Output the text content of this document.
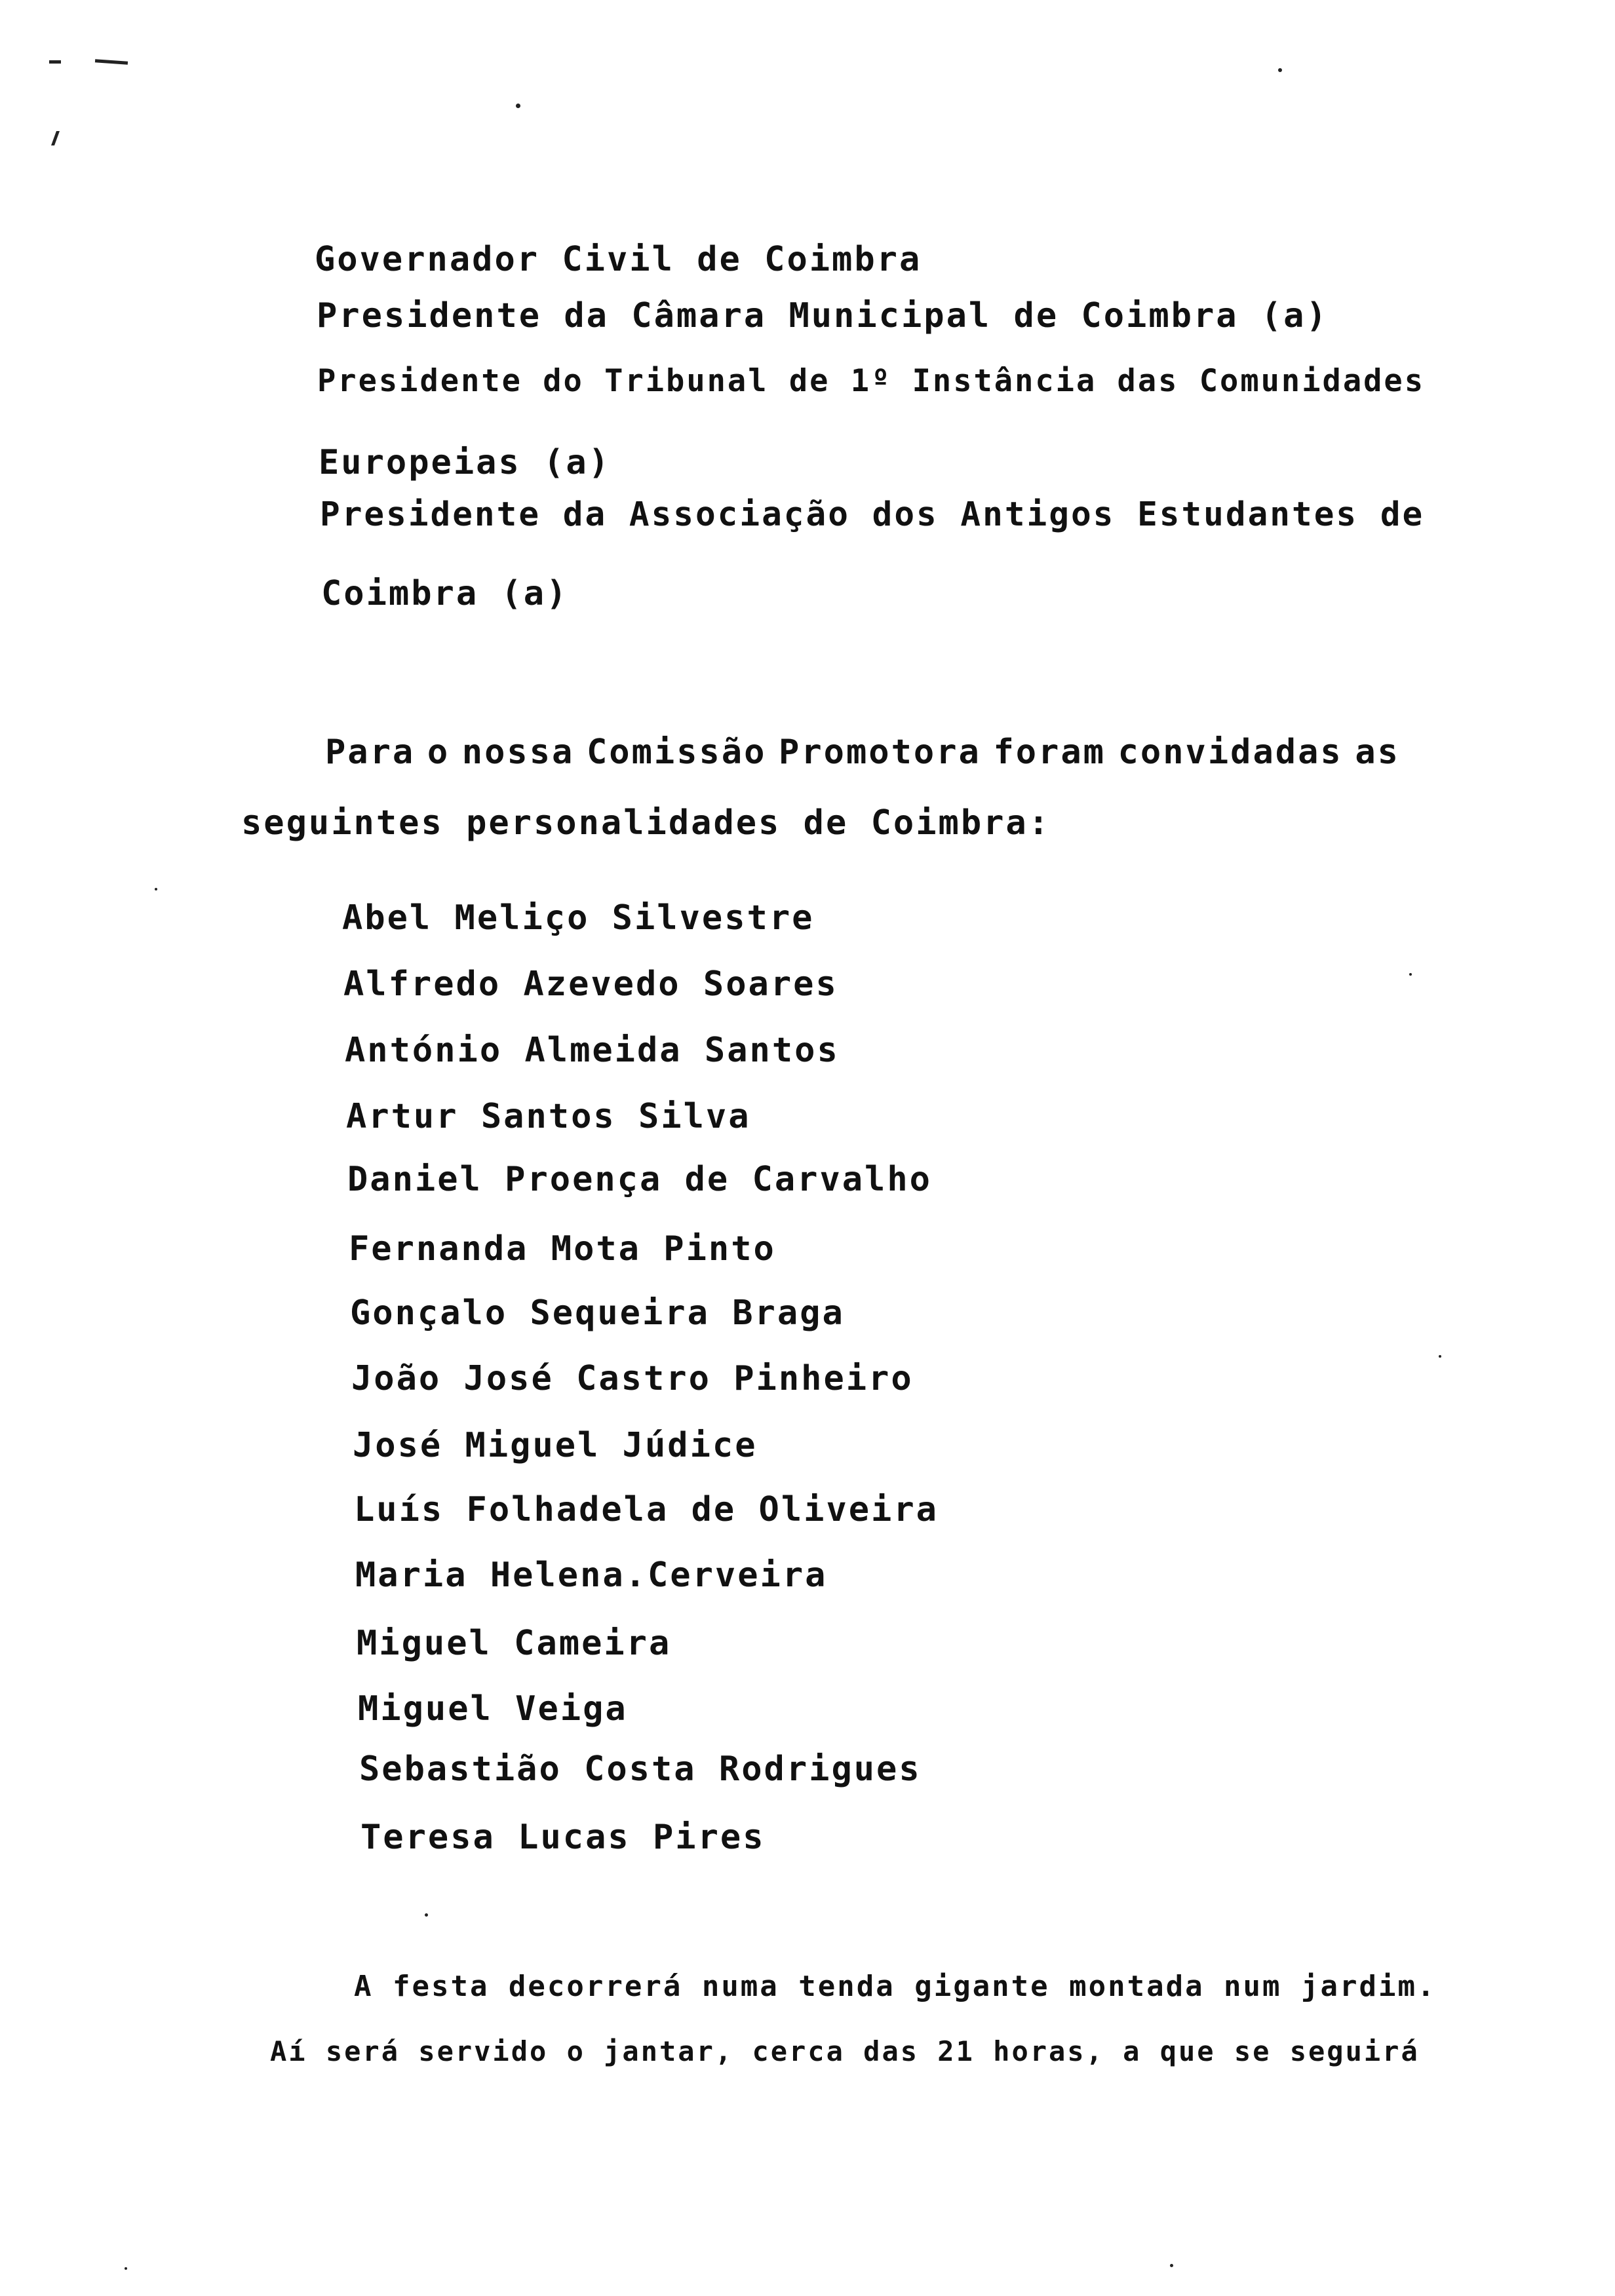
Governador Civil de Coimbra
Presidente da Câmara Municipal de Coimbra (a)
Presidente do Tribunal de 1º Instância das Comunidades
Europeias (a)
Presidente da Associação dos Antigos Estudantes de
Coimbra (a)
Para o nossa Comissão Promotora foram convidadas as
seguintes personalidades de Coimbra:
Abel Meliço Silvestre
Alfredo Azevedo Soares
António Almeida Santos
Artur Santos Silva
Daniel Proença de Carvalho
Fernanda Mota Pinto
Gonçalo Sequeira Braga
João José Castro Pinheiro
José Miguel Júdice
Luís Folhadela de Oliveira
Maria Helena.Cerveira
Miguel Cameira
Miguel Veiga
Sebastião Costa Rodrigues
Teresa Lucas Pires
A festa decorrerá numa tenda gigante montada num jardim.
Aí será servido o jantar, cerca das 21 horas, a que se seguirá
